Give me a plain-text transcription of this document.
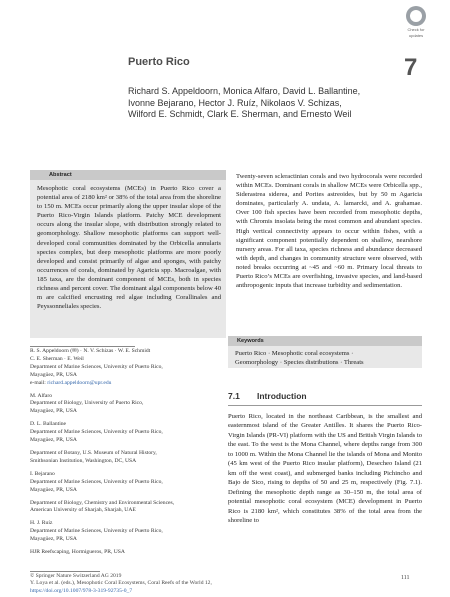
Check for
updates
Puerto Rico	7
Richard S. Appeldoorn, Monica Alfaro, David L. Ballantine,
Ivonne Bejarano, Hector J. Ruíz, Nikolaos V. Schizas,
Wilford E. Schmidt, Clark E. Sherman, and Ernesto Weil
Abstract
Mesophotic coral ecosystems (MCEs) in Puerto Rico cover a potential area of 2180 km² or 38% of the total area from the shoreline to 150 m. MCEs occur primarily along the upper insular slope of the Puerto Rico-Virgin Islands platform. Patchy MCE development occurs along the insular slope, with distribution strongly related to geomorphology. Shallow mesophotic platforms can support well-developed coral communities dominated by the Orbicella annularis species complex, but deep mesophotic platforms are more poorly developed and consist primarily of algae and sponges, with patchy occurrences of corals, dominated by Agaricia spp. Macroalgae, with 185 taxa, are the dominant component of MCEs, both in species richness and percent cover. The dominant algal components below 40 m are calcified encrusting red algae including Corallinales and Peyssonneliales species.
Twenty-seven scleractinian corals and two hydrocorals were recorded within MCEs. Dominant corals in shallow MCEs were Orbicella spp., Siderastrea siderea, and Porites astreoides, but by 50 m Agaricia dominates, particularly A. undata, A. lamarcki, and A. grahamae. Over 100 fish species have been recorded from mesophotic depths, with Chromis insolata being the most common and abundant species. High vertical connectivity appears to occur within fishes, with a significant component potentially dependent on shallow, nearshore nursery areas. For all taxa, species richness and abundance decreased with depth, and changes in community structure were observed, with noted breaks occurring at ~45 and ~60 m. Primary local threats to Puerto Rico’s MCEs are overfishing, invasive species, and land-based anthropogenic inputs that increase turbidity and sedimentation.
Keywords
Puerto Rico · Mesophotic coral ecosystems ·
Geomorphology · Species distributions · Threats
R. S. Appeldoorn (✉) · N. V. Schizas · W. E. Schmidt
C. E. Sherman · E. Weil
Department of Marine Sciences, University of Puerto Rico,
Mayagüez, PR, USA
e-mail: richard.appeldoorn@upr.edu
M. Alfaro
Department of Biology, University of Puerto Rico,
Mayagüez, PR, USA
D. L. Ballantine
Department of Marine Sciences, University of Puerto Rico,
Mayagüez, PR, USA
Department of Botany, U.S. Museum of Natural History,
Smithsonian Institution, Washington, DC, USA
I. Bejarano
Department of Marine Sciences, University of Puerto Rico,
Mayagüez, PR, USA
Department of Biology, Chemistry and Environmental Sciences,
American University of Sharjah, Sharjah, UAE
H. J. Ruíz
Department of Marine Sciences, University of Puerto Rico,
Mayagüez, PR, USA
HJR Reefscaping, Hormigueros, PR, USA
7.1 Introduction
Puerto Rico, located in the northeast Caribbean, is the smallest and easternmost island of the Greater Antilles. It shares the Puerto Rico-Virgin Islands (PR-VI) platform with the US and British Virgin Islands to the east. To the west is the Mona Channel, where depths range from 300 to 1000 m. Within the Mona Channel lie the islands of Mona and Monito (45 km west of the Puerto Rico insular platform), Desecheo Island (21 km off the west coast), and submerged banks including Pichincho and Bajo de Sico, rising to depths of 50 and 25 m, respectively (Fig. 7.1). Defining the mesophotic depth range as 30–150 m, the total area of potential mesophotic coral ecosystem (MCE) development in Puerto Rico is 2180 km², which constitutes 38% of the total area from the shoreline to
© Springer Nature Switzerland AG 2019
Y. Loya et al. (eds.), Mesophotic Coral Ecosystems, Coral Reefs of the World 12,
https://doi.org/10.1007/978-3-319-92735-0_7
111
